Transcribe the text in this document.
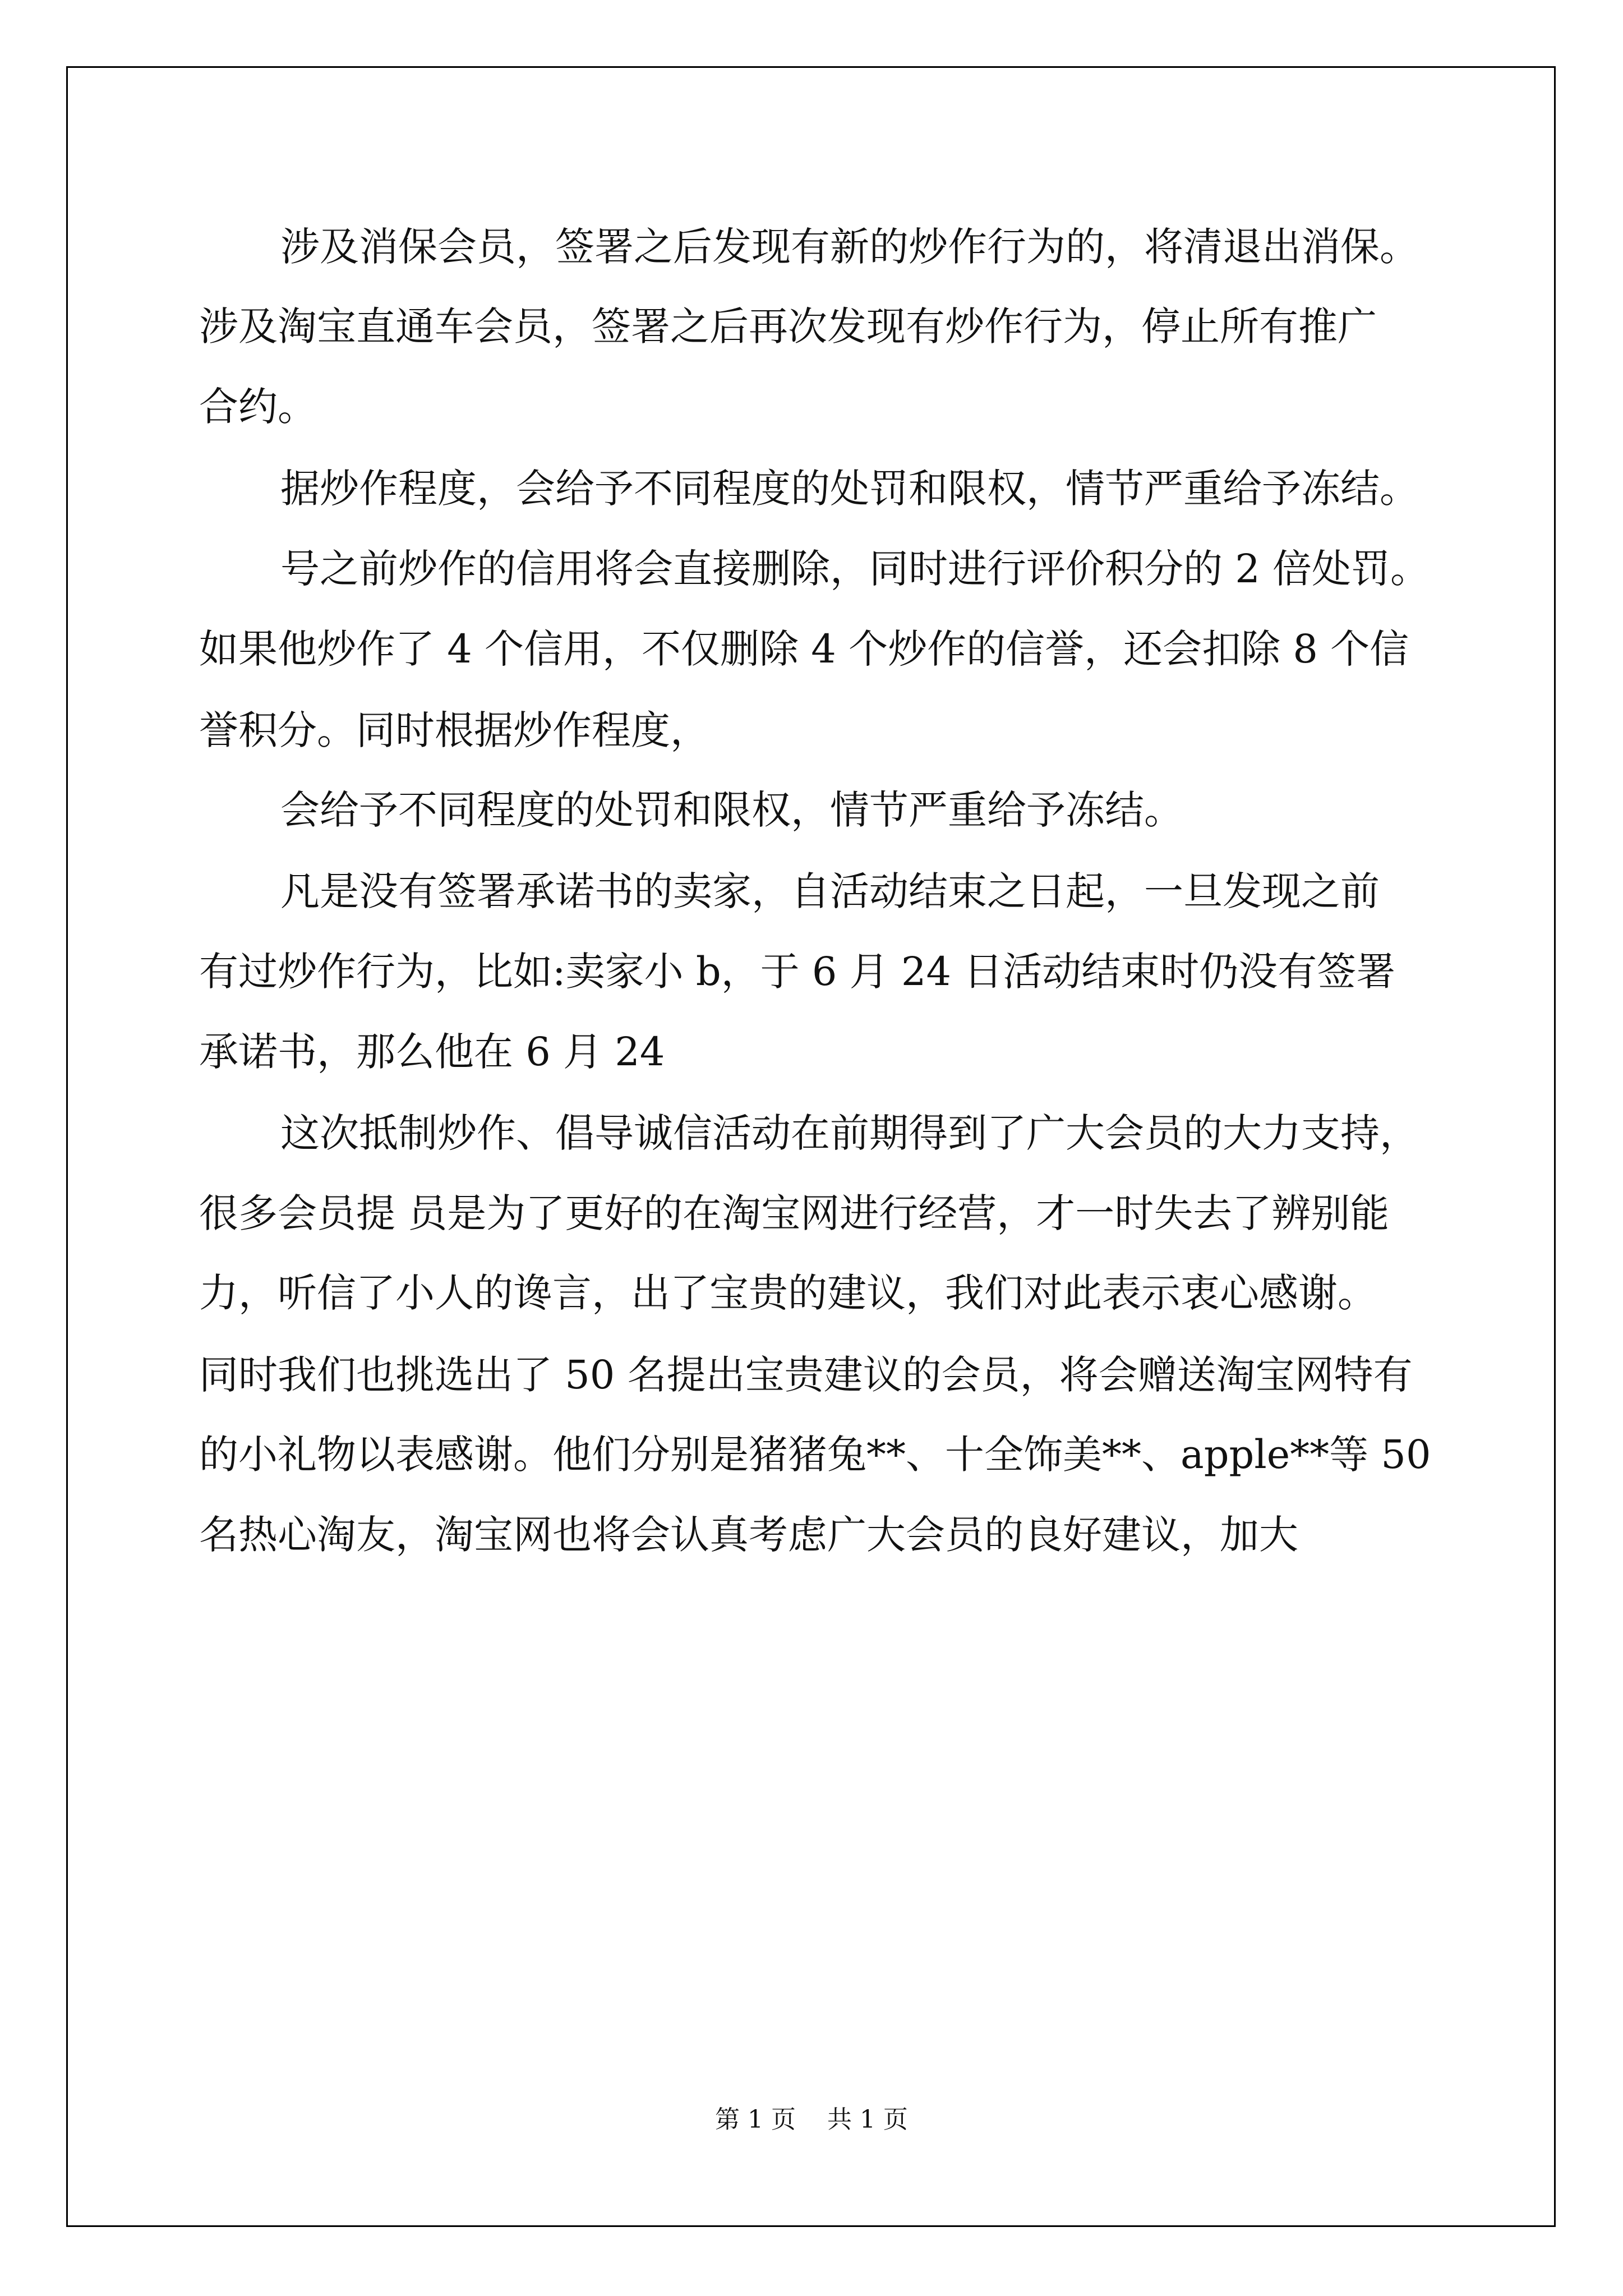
涉及消保会员，签署之后发现有新的炒作行为的，将清退出消保。
涉及淘宝直通车会员，签署之后再次发现有炒作行为，停止所有推广
合约。
据炒作程度，会给予不同程度的处罚和限权，情节严重给予冻结。
号之前炒作的信用将会直接删除，同时进行评价积分的 2 倍处罚。
如果他炒作了 4 个信用，不仅删除 4 个炒作的信誉，还会扣除 8 个信
誉积分。同时根据炒作程度，
会给予不同程度的处罚和限权，情节严重给予冻结。
凡是没有签署承诺书的卖家，自活动结束之日起，一旦发现之前
有过炒作行为，比如:卖家小 b，于 6 月 24 日活动结束时仍没有签署
承诺书，那么他在 6 月 24
这次抵制炒作、倡导诚信活动在前期得到了广大会员的大力支持，
很多会员提 员是为了更好的在淘宝网进行经营，才一时失去了辨别能
力，听信了小人的谗言，出了宝贵的建议，我们对此表示衷心感谢。
同时我们也挑选出了 50 名提出宝贵建议的会员，将会赠送淘宝网特有
的小礼物以表感谢。他们分别是猪猪兔**、十全饰美**、apple**等 50
名热心淘友，淘宝网也将会认真考虑广大会员的良好建议，加大
第 1 页    共 1 页
